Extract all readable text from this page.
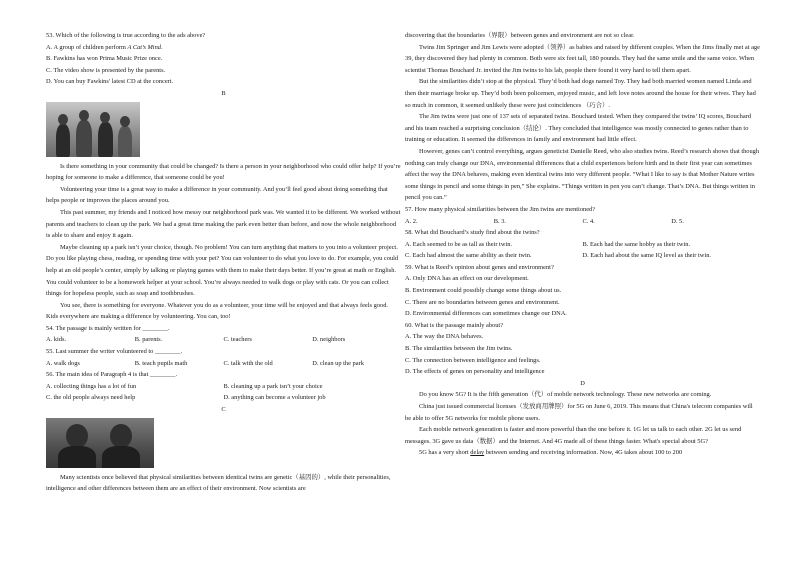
53. Which of the following is true according to the ads above?

A. A group of children perform A Cat’s Mind.

B. Fawkins has won Prima Music Prize once.

C. The video show is presented by the parents.

D. You can buy Fawkins' latest CD at the concert.

B

Is there something in your community that could be changed? Is there a person in your neighborhood who could offer help? If you’re hoping for someone to make a difference, that someone could be you!

Volunteering your time is a great way to make a difference in your community. And you’ll feel good about doing something that helps people or improves the places around you.

This past summer, my friends and I noticed how messy our neighborhood park was. We wanted it to be different. We worked without parents and teachers to clean up the park. We had a great time making the park even better than before, and now the whole neighborhood is able to share and enjoy it again.

Maybe cleaning up a park isn’t your choice, though. No problem! You can turn anything that matters to you into a volunteer project. Do you like playing chess, reading, or spending time with your pet? You can volunteer to do what you love to do. For example, you could help at an old people’s center, simply by talking or playing games with them to make their days better. If you’re great at math or English. You could volunteer to be a homework helper at your school. You’re always needed to walk dogs or play with cats. Or you can collect things for hopeless people, such as soap and toothbrushes.

You see, there is something for everyone. Whatever you do as a volunteer, your time will be enjoyed and that always feels good. Kids everywhere are making a difference by volunteering. You can, too!

54. The passage is mainly written for ________.

A. kids.	B. parents.	C. teachers	D. neighbors

55. Last summer the writer volunteered to ________.

A. walk dogs	B. teach pupils math	C. talk with the old	D. clean up the park

56. The main idea of Paragraph 4 is that ________.

A. collecting things has a lot of fun	B. cleaning up a park isn’t your choice
C. the old people always need help	D. anything can become a volunteer job

C

Many scientists once believed that physical similarities between identical twins are genetic（基因的）, while their personalities, intelligence and other differences between them are an effect of their environment. Now scientists are

discovering that the boundaries（界限）between genes and environment are not so clear.

Twins Jim Springer and Jim Lewis were adopted（领养）as babies and raised by different couples. When the Jims finally met at age 39, they discovered they had plenty in common. Both were six feet tall, 180 pounds. They had the same smile and the same voice. When scientist Thomas Bouchard Jr. invited the Jim twins to his lab, people there found it very hard to tell them apart.

But the similarities didn’t stop at the physical. They’d both had dogs named Toy. They had both married women named Linda and then their marriage broke up. They’d both been policemen, enjoyed music, and left love notes around the house for their wives. They had so much in common, it seemed unlikely these were just coincidences （巧合）.

The Jim twins were just one of 137 sets of separated twins. Bouchard tested. When they compared the twins’ IQ scores, Bouchard and his team reached a surprising conclusion（结论）. They concluded that intelligence was mostly connected to genes rather than to training or education. It seemed the differences in family and environment had little effect.

However, genes can’t control everything, argues geneticist Danielle Reed, who also studies twins. Reed’s research shows that though nothing can truly change our DNA, environmental differences that a child experiences before birth and in their first year can sometimes affect the way the DNA behaves, making even identical twins into very different people. “What I like to say is that Mother Nature writes some things in pencil and some things in pen,” She explains. “Things written in pen you can’t change. That’s DNA. But things written in pencil you can.”

57. How many physical similarities between the Jim twins are mentioned?

A. 2.	B. 3.	C. 4.	D. 5.

58. What did Bouchard’s study find about the twins?

A. Each seemed to be as tall as their twin.	B. Each had the same hobby as their twin.
C. Each had almost the same ability as their twin.	D. Each had about the same IQ level as their twin.

59. What is Reed’s opinion about genes and environment?

A. Only DNA has an effect on our development.

B. Environment could possibly change some things about us.

C. There are no boundaries between genes and environment.

D. Environmental differences can sometimes change our DNA.

60. What is the passage mainly about?

A. The way the DNA behaves.

B. The similarities between the Jim twins.

C. The connection between intelligence and feelings.

D. The effects of genes on personality and intelligence

D

Do you know 5G? It is the fifth generation（代）of mobile network technology. These new networks are coming.

China just issued commercial licenses（发放商用牌照）for 5G on June 6, 2019. This means that China's telecom companies will be able to offer 5G networks for mobile phone users.

Each mobile network generation is faster and more powerful than the one before it. 1G let us talk to each other. 2G let us send messages. 3G gave us data（数据）and the Internet. And 4G made all of these things faster. What's special about 5G?

5G has a very short delay between sending and receiving information. Now, 4G takes about 100 to 200
